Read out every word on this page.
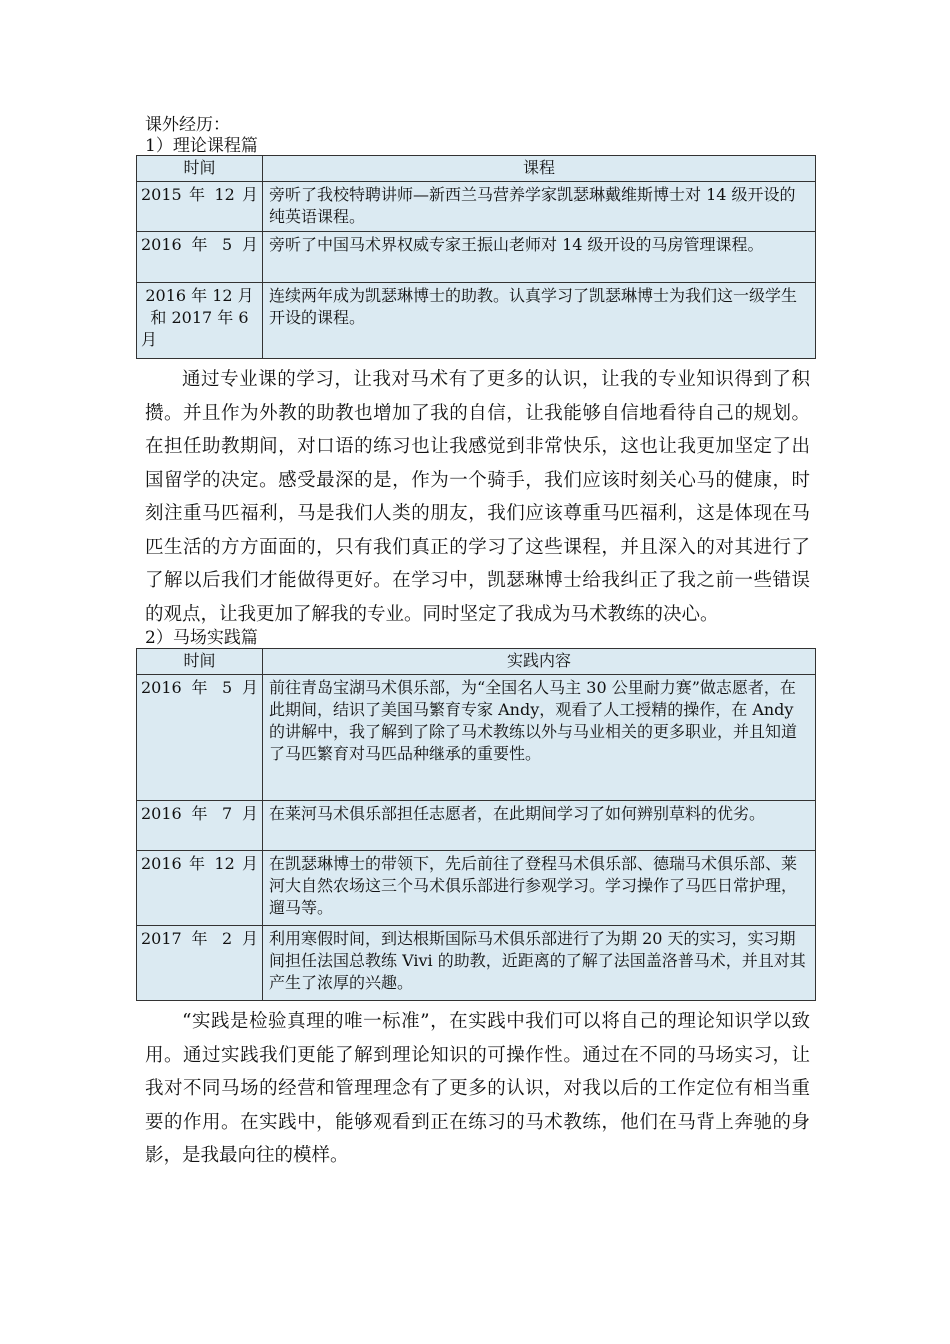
课外经历：
1）理论课程篇
时间	课程
2015 年 12 月	旁听了我校特聘讲师—新西兰马营养学家凯瑟琳戴维斯博士对 14 级开设的纯英语课程。
2016 年 5 月	旁听了中国马术界权威专家王振山老师对 14 级开设的马房管理课程。
2016 年 12 月和 2017 年 6 月	连续两年成为凯瑟琳博士的助教。认真学习了凯瑟琳博士为我们这一级学生开设的课程。
通过专业课的学习，让我对马术有了更多的认识，让我的专业知识得到了积攒。并且作为外教的助教也增加了我的自信，让我能够自信地看待自己的规划。在担任助教期间，对口语的练习也让我感觉到非常快乐，这也让我更加坚定了出国留学的决定。感受最深的是，作为一个骑手，我们应该时刻关心马的健康，时刻注重马匹福利，马是我们人类的朋友，我们应该尊重马匹福利，这是体现在马匹生活的方方面面的，只有我们真正的学习了这些课程，并且深入的对其进行了了解以后我们才能做得更好。在学习中，凯瑟琳博士给我纠正了我之前一些错误的观点，让我更加了解我的专业。同时坚定了我成为马术教练的决心。
2）马场实践篇
时间	实践内容
2016 年 5 月	前往青岛宝湖马术俱乐部，为“全国名人马主 30 公里耐力赛”做志愿者，在此期间，结识了美国马繁育专家 Andy，观看了人工授精的操作，在 Andy 的讲解中，我了解到了除了马术教练以外与马业相关的更多职业，并且知道了马匹繁育对马匹品种继承的重要性。
2016 年 7 月	在莱河马术俱乐部担任志愿者，在此期间学习了如何辨别草料的优劣。
2016 年 12 月	在凯瑟琳博士的带领下，先后前往了登程马术俱乐部、德瑞马术俱乐部、莱河大自然农场这三个马术俱乐部进行参观学习。学习操作了马匹日常护理，遛马等。
2017 年 2 月	利用寒假时间，到达根斯国际马术俱乐部进行了为期 20 天的实习，实习期间担任法国总教练 Vivi 的助教，近距离的了解了法国盖洛普马术，并且对其产生了浓厚的兴趣。
“实践是检验真理的唯一标准”，在实践中我们可以将自己的理论知识学以致用。通过实践我们更能了解到理论知识的可操作性。通过在不同的马场实习，让我对不同马场的经营和管理理念有了更多的认识，对我以后的工作定位有相当重要的作用。在实践中，能够观看到正在练习的马术教练，他们在马背上奔驰的身影，是我最向往的模样。
